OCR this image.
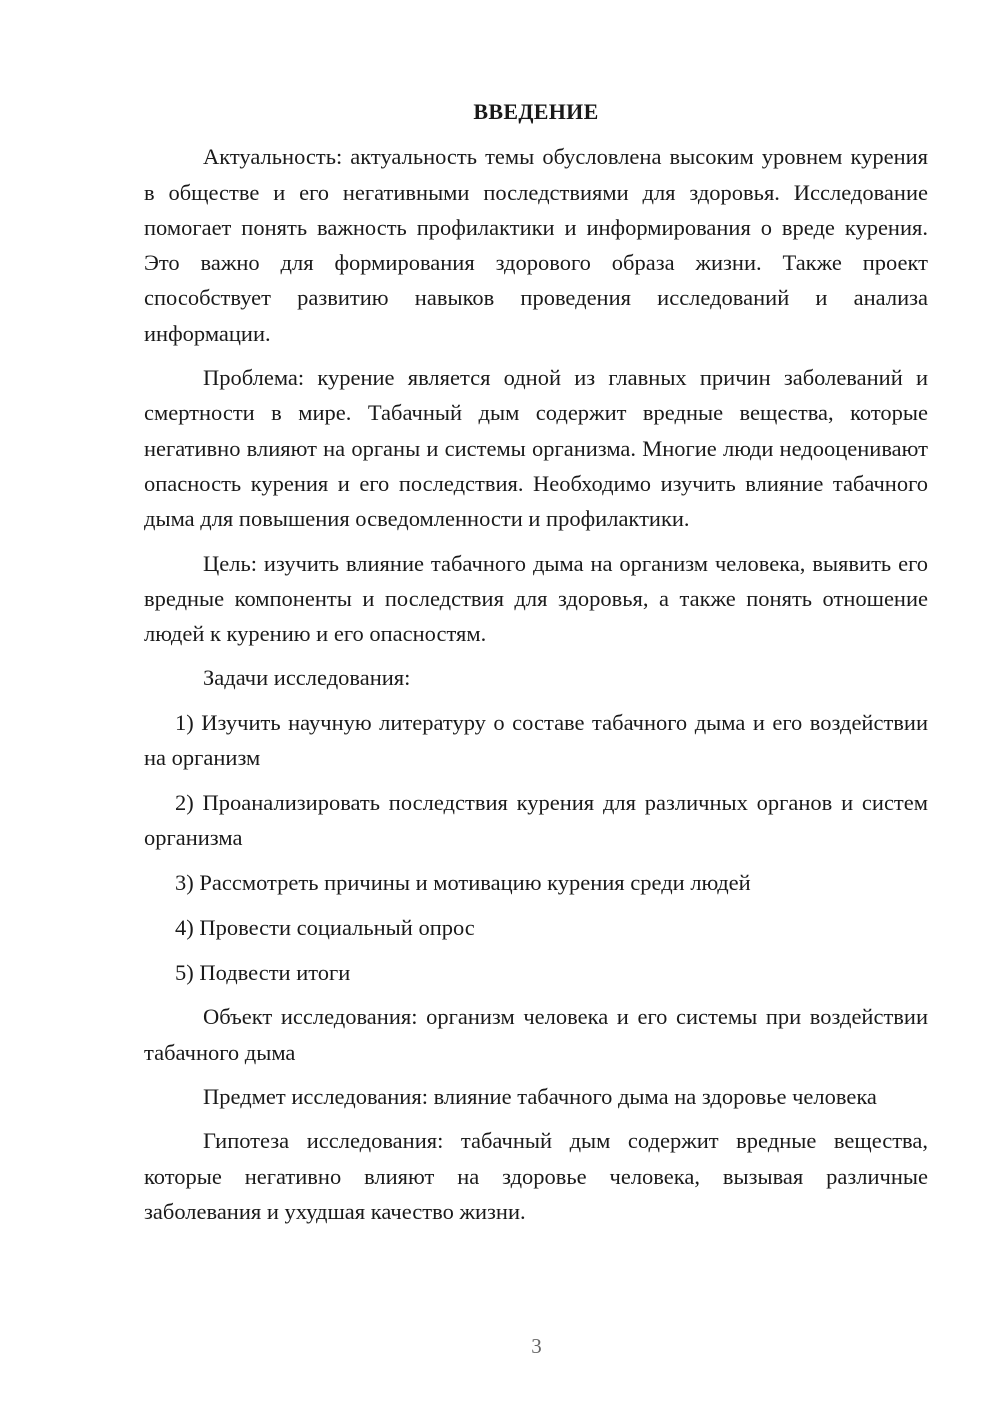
ВВЕДЕНИЕ

Актуальность: актуальность темы обусловлена высоким уровнем курения в обществе и его негативными последствиями для здоровья. Исследование помогает понять важность профилактики и информирования о вреде курения. Это важно для формирования здорового образа жизни. Также проект способствует развитию навыков проведения исследований и анализа информации.

Проблема: курение является одной из главных причин заболеваний и смертности в мире. Табачный дым содержит вредные вещества, которые негативно влияют на органы и системы организма. Многие люди недооценивают опасность курения и его последствия. Необходимо изучить влияние табачного дыма для повышения осведомленности и профилактики.

Цель: изучить влияние табачного дыма на организм человека, выявить его вредные компоненты и последствия для здоровья, а также понять отношение людей к курению и его опасностям.

Задачи исследования:

1) Изучить научную литературу о составе табачного дыма и его воздействии на организм

2) Проанализировать последствия курения для различных органов и систем организма

3) Рассмотреть причины и мотивацию курения среди людей

4) Провести социальный опрос

5) Подвести итоги

Объект исследования: организм человека и его системы при воздействии табачного дыма

Предмет исследования: влияние табачного дыма на здоровье человека

Гипотеза исследования: табачный дым содержит вредные вещества, которые негативно влияют на здоровье человека, вызывая различные заболевания и ухудшая качество жизни.

3
